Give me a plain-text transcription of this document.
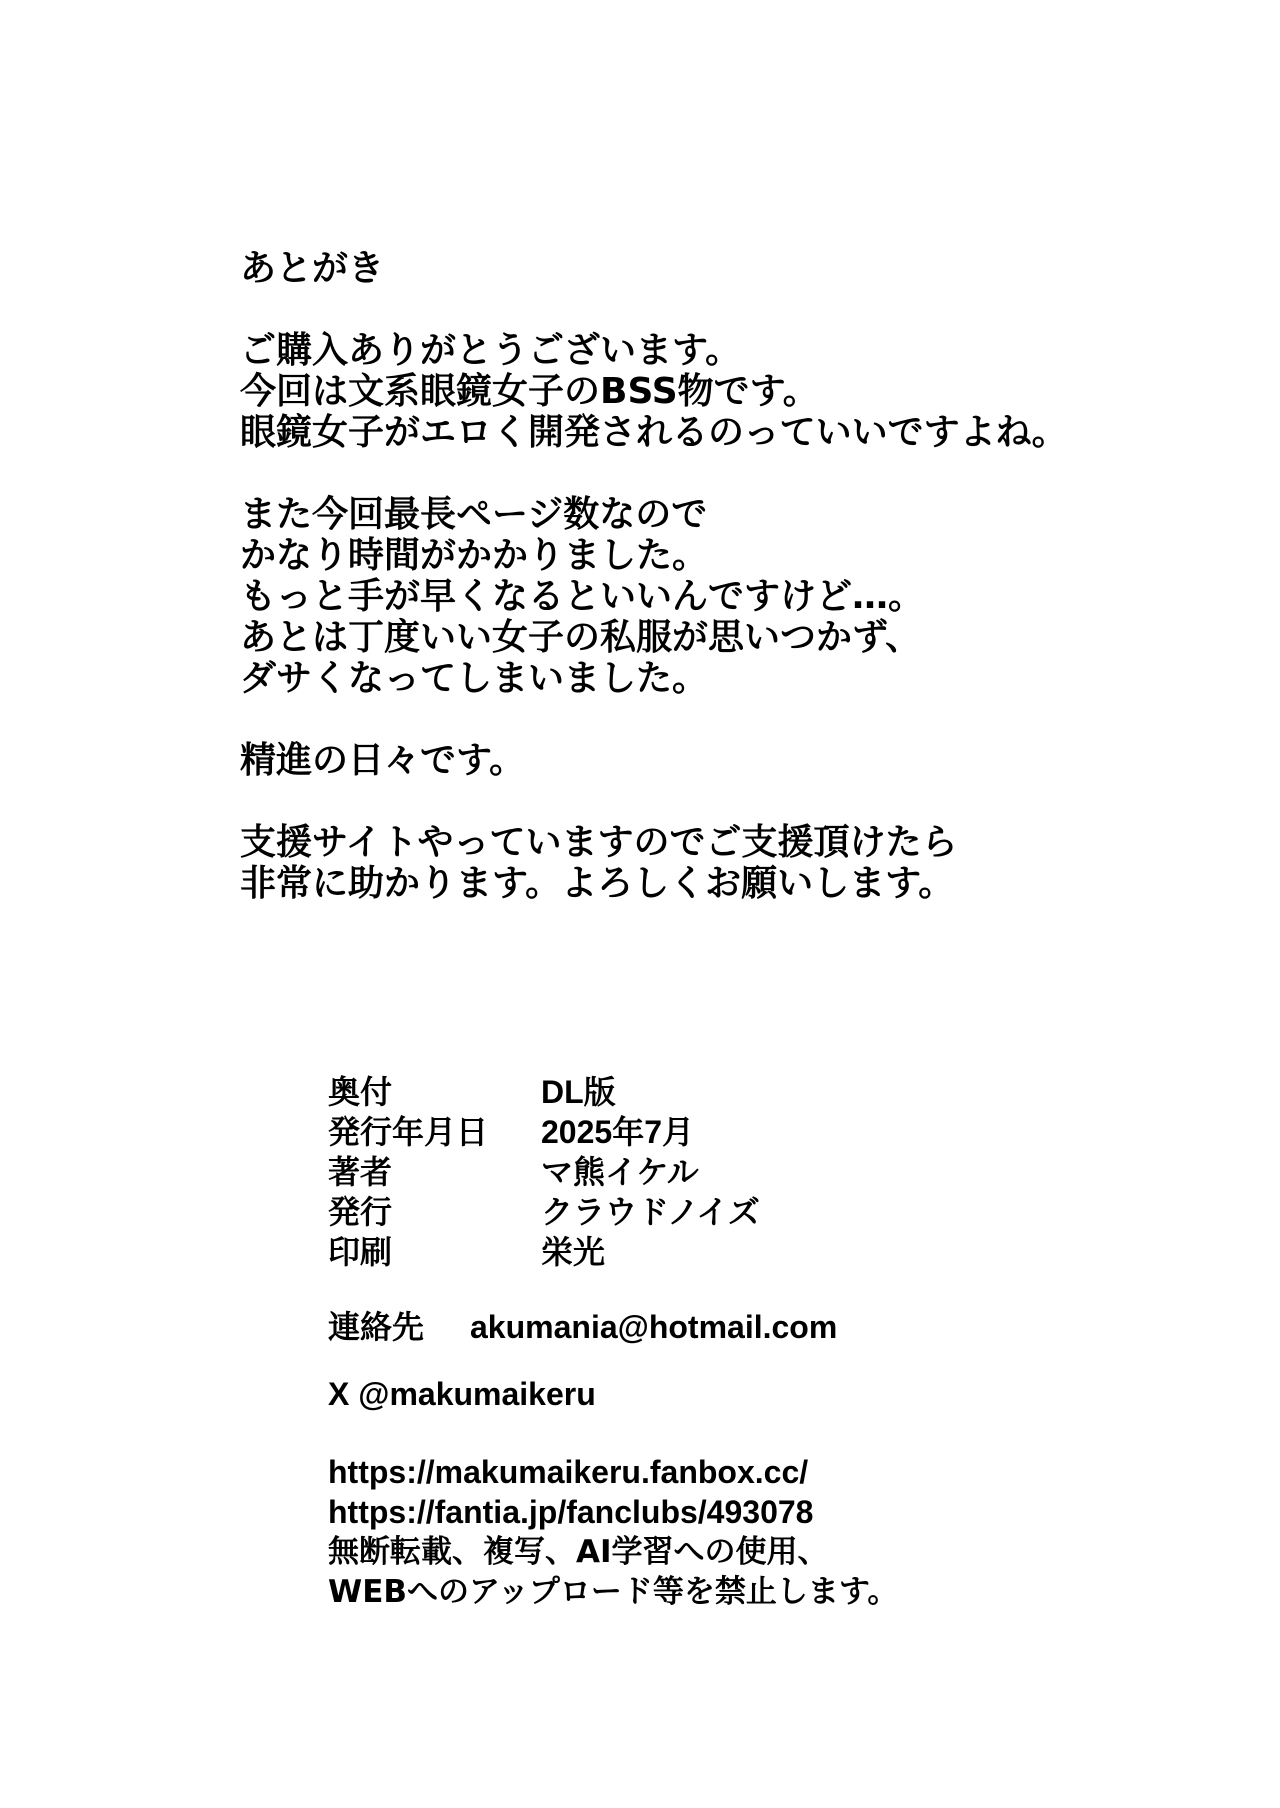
あとがき
ご購入ありがとうございます。
今回は文系眼鏡女子のBSS物です。
眼鏡女子がエロく開発されるのっていいですよね。
また今回最長ページ数なので
かなり時間がかかりました。
もっと手が早くなるといいんですけど…。
あとは丁度いい女子の私服が思いつかず、
ダサくなってしまいました。
精進の日々です。
支援サイトやっていますのでご支援頂けたら
非常に助かります。よろしくお願いします。
奥付	DL版
発行年月日	2025年7月
著者	マ熊イケル
発行	クラウドノイズ
印刷	栄光
連絡先 akumania@hotmail.com
X @makumaikeru
https://makumaikeru.fanbox.cc/
https://fantia.jp/fanclubs/493078
無断転載、複写、AI学習への使用、
WEBへのアップロード等を禁止します。
